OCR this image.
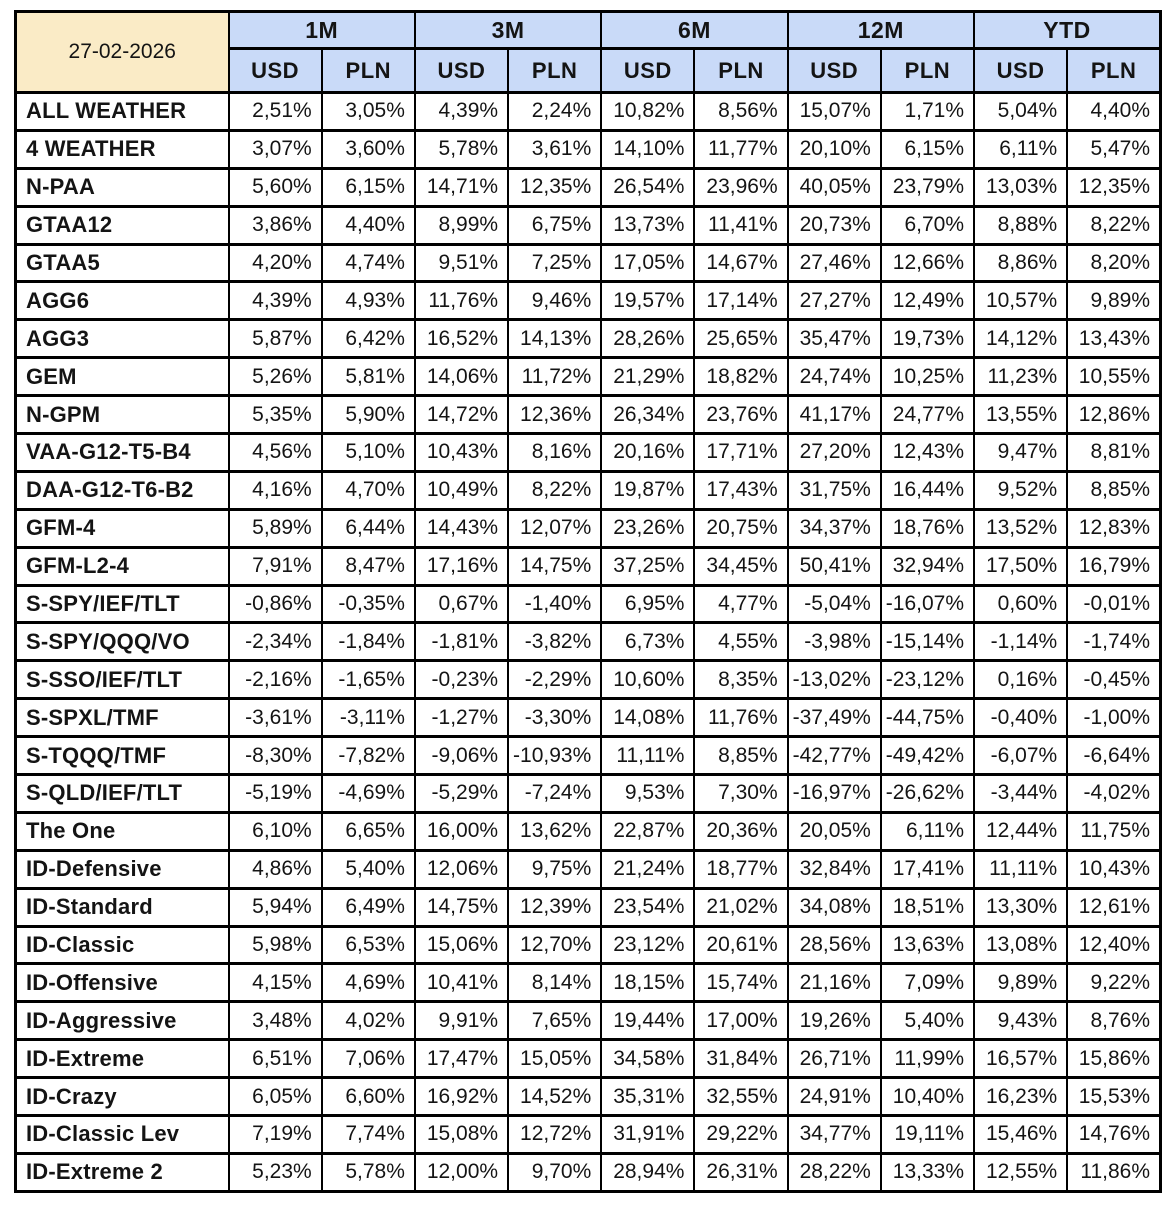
27-02-2026	1M		3M		6M		12M		YTD	
	USD	PLN	USD	PLN	USD	PLN	USD	PLN	USD	PLN
ALL WEATHER	2,51%	3,05%	4,39%	2,24%	10,82%	8,56%	15,07%	1,71%	5,04%	4,40%
4 WEATHER	3,07%	3,60%	5,78%	3,61%	14,10%	11,77%	20,10%	6,15%	6,11%	5,47%
N-PAA	5,60%	6,15%	14,71%	12,35%	26,54%	23,96%	40,05%	23,79%	13,03%	12,35%
GTAA12	3,86%	4,40%	8,99%	6,75%	13,73%	11,41%	20,73%	6,70%	8,88%	8,22%
GTAA5	4,20%	4,74%	9,51%	7,25%	17,05%	14,67%	27,46%	12,66%	8,86%	8,20%
AGG6	4,39%	4,93%	11,76%	9,46%	19,57%	17,14%	27,27%	12,49%	10,57%	9,89%
AGG3	5,87%	6,42%	16,52%	14,13%	28,26%	25,65%	35,47%	19,73%	14,12%	13,43%
GEM	5,26%	5,81%	14,06%	11,72%	21,29%	18,82%	24,74%	10,25%	11,23%	10,55%
N-GPM	5,35%	5,90%	14,72%	12,36%	26,34%	23,76%	41,17%	24,77%	13,55%	12,86%
VAA-G12-T5-B4	4,56%	5,10%	10,43%	8,16%	20,16%	17,71%	27,20%	12,43%	9,47%	8,81%
DAA-G12-T6-B2	4,16%	4,70%	10,49%	8,22%	19,87%	17,43%	31,75%	16,44%	9,52%	8,85%
GFM-4	5,89%	6,44%	14,43%	12,07%	23,26%	20,75%	34,37%	18,76%	13,52%	12,83%
GFM-L2-4	7,91%	8,47%	17,16%	14,75%	37,25%	34,45%	50,41%	32,94%	17,50%	16,79%
S-SPY/IEF/TLT	-0,86%	-0,35%	0,67%	-1,40%	6,95%	4,77%	-5,04%	-16,07%	0,60%	-0,01%
S-SPY/QQQ/VO	-2,34%	-1,84%	-1,81%	-3,82%	6,73%	4,55%	-3,98%	-15,14%	-1,14%	-1,74%
S-SSO/IEF/TLT	-2,16%	-1,65%	-0,23%	-2,29%	10,60%	8,35%	-13,02%	-23,12%	0,16%	-0,45%
S-SPXL/TMF	-3,61%	-3,11%	-1,27%	-3,30%	14,08%	11,76%	-37,49%	-44,75%	-0,40%	-1,00%
S-TQQQ/TMF	-8,30%	-7,82%	-9,06%	-10,93%	11,11%	8,85%	-42,77%	-49,42%	-6,07%	-6,64%
S-QLD/IEF/TLT	-5,19%	-4,69%	-5,29%	-7,24%	9,53%	7,30%	-16,97%	-26,62%	-3,44%	-4,02%
The One	6,10%	6,65%	16,00%	13,62%	22,87%	20,36%	20,05%	6,11%	12,44%	11,75%
ID-Defensive	4,86%	5,40%	12,06%	9,75%	21,24%	18,77%	32,84%	17,41%	11,11%	10,43%
ID-Standard	5,94%	6,49%	14,75%	12,39%	23,54%	21,02%	34,08%	18,51%	13,30%	12,61%
ID-Classic	5,98%	6,53%	15,06%	12,70%	23,12%	20,61%	28,56%	13,63%	13,08%	12,40%
ID-Offensive	4,15%	4,69%	10,41%	8,14%	18,15%	15,74%	21,16%	7,09%	9,89%	9,22%
ID-Aggressive	3,48%	4,02%	9,91%	7,65%	19,44%	17,00%	19,26%	5,40%	9,43%	8,76%
ID-Extreme	6,51%	7,06%	17,47%	15,05%	34,58%	31,84%	26,71%	11,99%	16,57%	15,86%
ID-Crazy	6,05%	6,60%	16,92%	14,52%	35,31%	32,55%	24,91%	10,40%	16,23%	15,53%
ID-Classic Lev	7,19%	7,74%	15,08%	12,72%	31,91%	29,22%	34,77%	19,11%	15,46%	14,76%
ID-Extreme 2	5,23%	5,78%	12,00%	9,70%	28,94%	26,31%	28,22%	13,33%	12,55%	11,86%
